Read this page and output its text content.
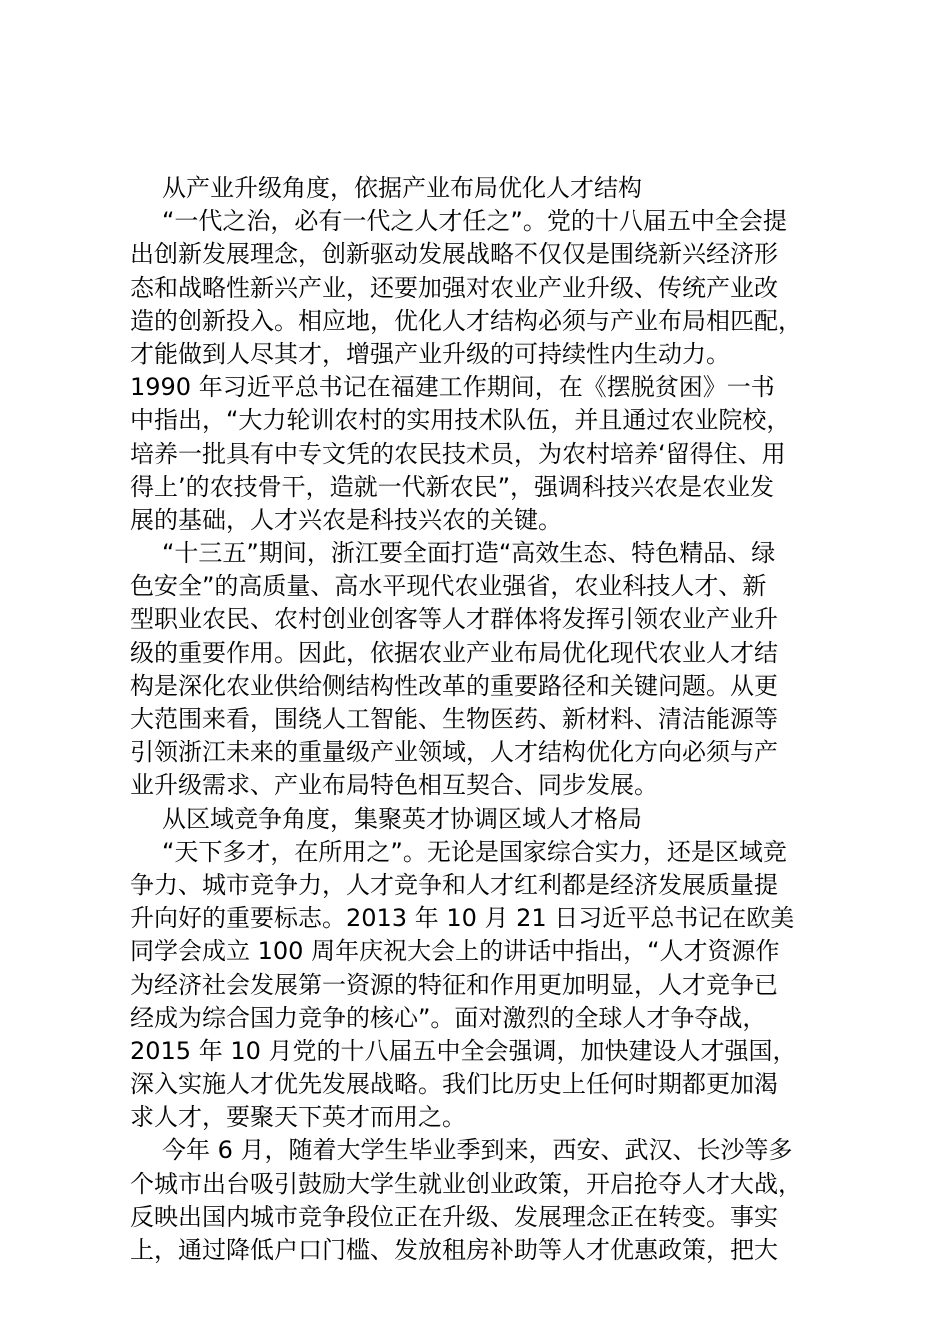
从产业升级角度，依据产业布局优化人才结构
“一代之治，必有一代之人才任之”。党的十八届五中全会提
出创新发展理念，创新驱动发展战略不仅仅是围绕新兴经济形
态和战略性新兴产业，还要加强对农业产业升级、传统产业改
造的创新投入。相应地，优化人才结构必须与产业布局相匹配，
才能做到人尽其才，增强产业升级的可持续性内生动力。
1990 年习近平总书记在福建工作期间，在《摆脱贫困》一书
中指出，“大力轮训农村的实用技术队伍，并且通过农业院校，
培养一批具有中专文凭的农民技术员，为农村培养‘留得住、用
得上’的农技骨干，造就一代新农民”，强调科技兴农是农业发
展的基础，人才兴农是科技兴农的关键。
“十三五”期间，浙江要全面打造“高效生态、特色精品、绿
色安全”的高质量、高水平现代农业强省，农业科技人才、新
型职业农民、农村创业创客等人才群体将发挥引领农业产业升
级的重要作用。因此，依据农业产业布局优化现代农业人才结
构是深化农业供给侧结构性改革的重要路径和关键问题。从更
大范围来看，围绕人工智能、生物医药、新材料、清洁能源等
引领浙江未来的重量级产业领域，人才结构优化方向必须与产
业升级需求、产业布局特色相互契合、同步发展。
从区域竞争角度，集聚英才协调区域人才格局
“天下多才，在所用之”。无论是国家综合实力，还是区域竞
争力、城市竞争力，人才竞争和人才红利都是经济发展质量提
升向好的重要标志。2013 年 10 月 21 日习近平总书记在欧美
同学会成立 100 周年庆祝大会上的讲话中指出，“人才资源作
为经济社会发展第一资源的特征和作用更加明显，人才竞争已
经成为综合国力竞争的核心”。面对激烈的全球人才争夺战，
2015 年 10 月党的十八届五中全会强调，加快建设人才强国，
深入实施人才优先发展战略。我们比历史上任何时期都更加渴
求人才，要聚天下英才而用之。
今年 6 月，随着大学生毕业季到来，西安、武汉、长沙等多
个城市出台吸引鼓励大学生就业创业政策，开启抢夺人才大战，
反映出国内城市竞争段位正在升级、发展理念正在转变。事实
上，通过降低户口门槛、发放租房补助等人才优惠政策，把大
